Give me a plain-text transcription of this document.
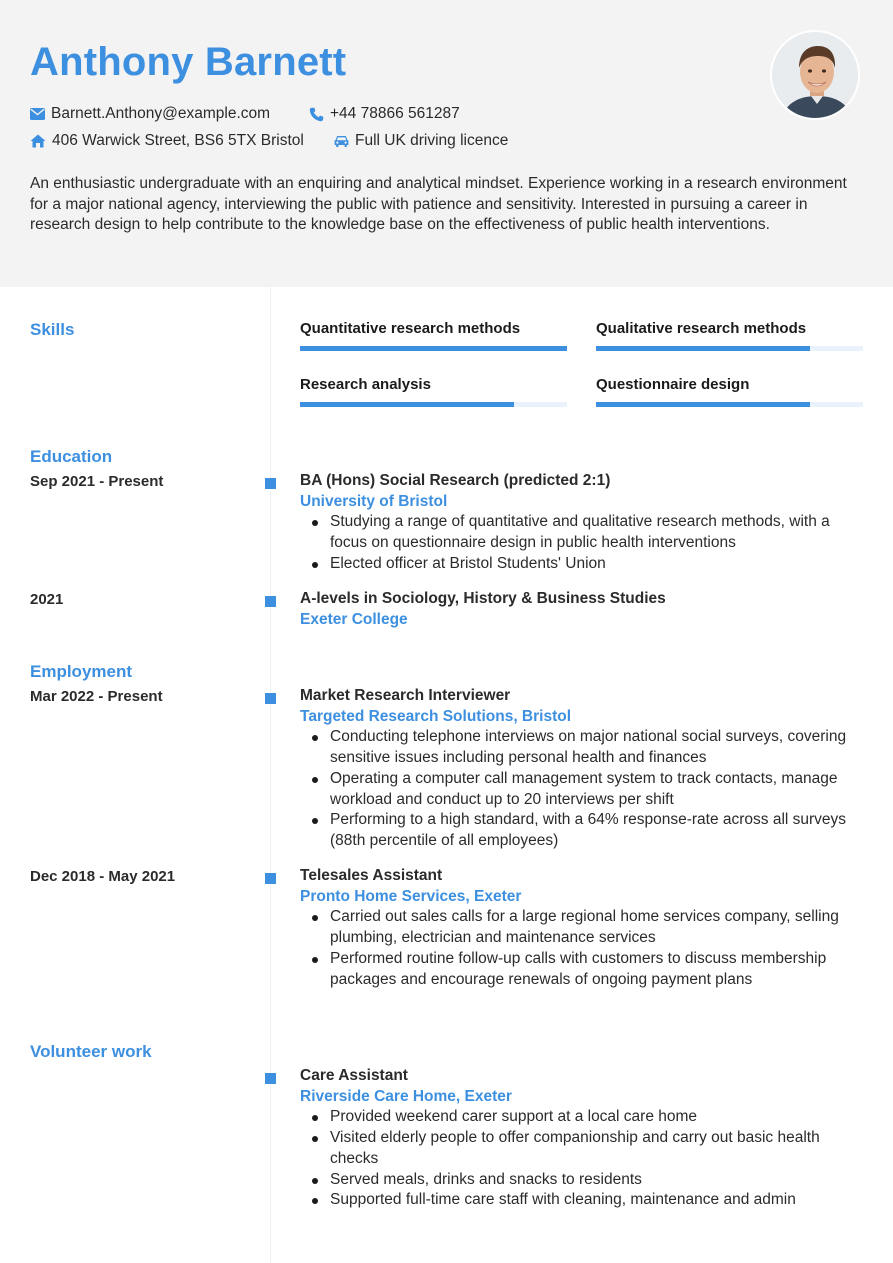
Anthony Barnett
Barnett.Anthony@example.com	+44 78866 561287
406 Warwick Street, BS6 5TX Bristol	Full UK driving licence
An enthusiastic undergraduate with an enquiring and analytical mindset. Experience working in a research environment for a major national agency, interviewing the public with patience and sensitivity. Interested in pursuing a career in research design to help contribute to the knowledge base on the effectiveness of public health interventions.
Skills	Quantitative research methods	Qualitative research methods
Research analysis	Questionnaire design
Education
Sep 2021 - Present	BA (Hons) Social Research (predicted 2:1)
University of Bristol
Studying a range of quantitative and qualitative research methods, with a focus on questionnaire design in public health interventions
Elected officer at Bristol Students' Union
2021	A-levels in Sociology, History & Business Studies
Exeter College
Employment
Mar 2022 - Present	Market Research Interviewer
Targeted Research Solutions, Bristol
Conducting telephone interviews on major national social surveys, covering sensitive issues including personal health and finances
Operating a computer call management system to track contacts, manage workload and conduct up to 20 interviews per shift
Performing to a high standard, with a 64% response-rate across all surveys (88th percentile of all employees)
Dec 2018 - May 2021	Telesales Assistant
Pronto Home Services, Exeter
Carried out sales calls for a large regional home services company, selling plumbing, electrician and maintenance services
Performed routine follow-up calls with customers to discuss membership packages and encourage renewals of ongoing payment plans
Volunteer work
Care Assistant
Riverside Care Home, Exeter
Provided weekend carer support at a local care home
Visited elderly people to offer companionship and carry out basic health checks
Served meals, drinks and snacks to residents
Supported full-time care staff with cleaning, maintenance and admin
